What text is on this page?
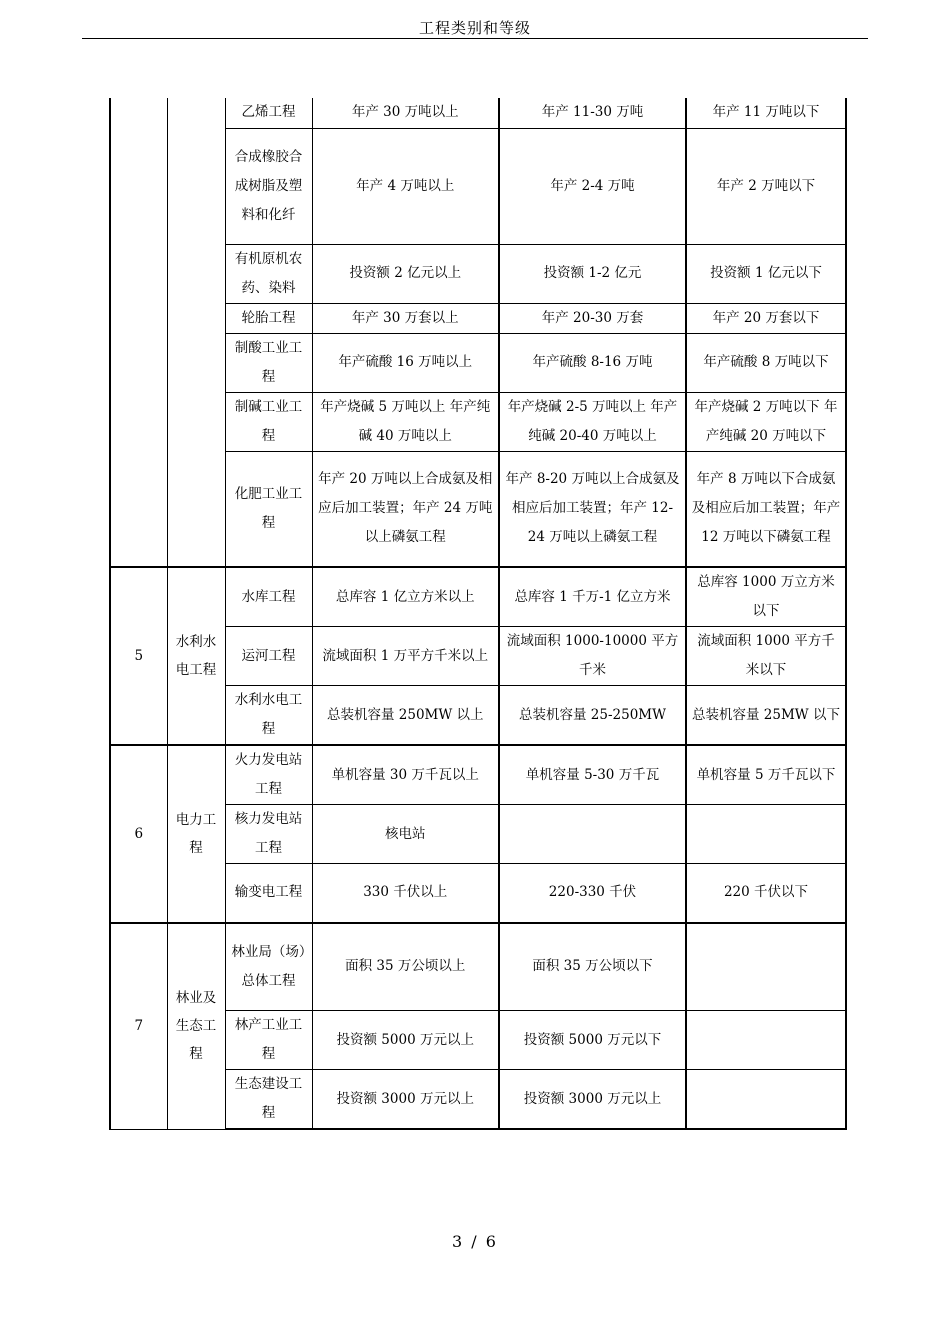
工程类别和等级
		乙烯工程	年产 30 万吨以上	年产 11-30 万吨	年产 11 万吨以下
		合成橡胶合成树脂及塑料和化纤	年产 4 万吨以上	年产 2-4 万吨	年产 2 万吨以下
		有机原机农药、染料	投资额 2 亿元以上	投资额 1-2 亿元	投资额 1 亿元以下
		轮胎工程	年产 30 万套以上	年产 20-30 万套	年产 20 万套以下
		制酸工业工程	年产硫酸 16 万吨以上	年产硫酸 8-16 万吨	年产硫酸 8 万吨以下
		制碱工业工程	年产烧碱 5 万吨以上 年产纯碱 40 万吨以上	年产烧碱 2-5 万吨以上 年产纯碱 20-40 万吨以上	年产烧碱 2 万吨以下 年产纯碱 20 万吨以下
		化肥工业工程	年产 20 万吨以上合成氨及相应后加工装置；年产 24 万吨以上磷氨工程	年产 8-20 万吨以上合成氨及相应后加工装置；年产 12-24 万吨以上磷氨工程	年产 8 万吨以下合成氨及相应后加工装置；年产 12 万吨以下磷氨工程
5	水利水电工程	水库工程	总库容 1 亿立方米以上	总库容 1 千万-1 亿立方米	总库容 1000 万立方米以下
		运河工程	流域面积 1 万平方千米以上	流域面积 1000-10000 平方千米	流域面积 1000 平方千米以下
		水利水电工程	总装机容量 250MW 以上	总装机容量 25-250MW	总装机容量 25MW 以下
6	电力工程	火力发电站工程	单机容量 30 万千瓦以上	单机容量 5-30 万千瓦	单机容量 5 万千瓦以下
		核力发电站工程	核电站		
		输变电工程	330 千伏以上	220-330 千伏	220 千伏以下
7	林业及生态工程	林业局（场）总体工程	面积 35 万公顷以上	面积 35 万公顷以下	
		林产工业工程	投资额 5000 万元以上	投资额 5000 万元以下	
		生态建设工程	投资额 3000 万元以上	投资额 3000 万元以上	
3 / 6
